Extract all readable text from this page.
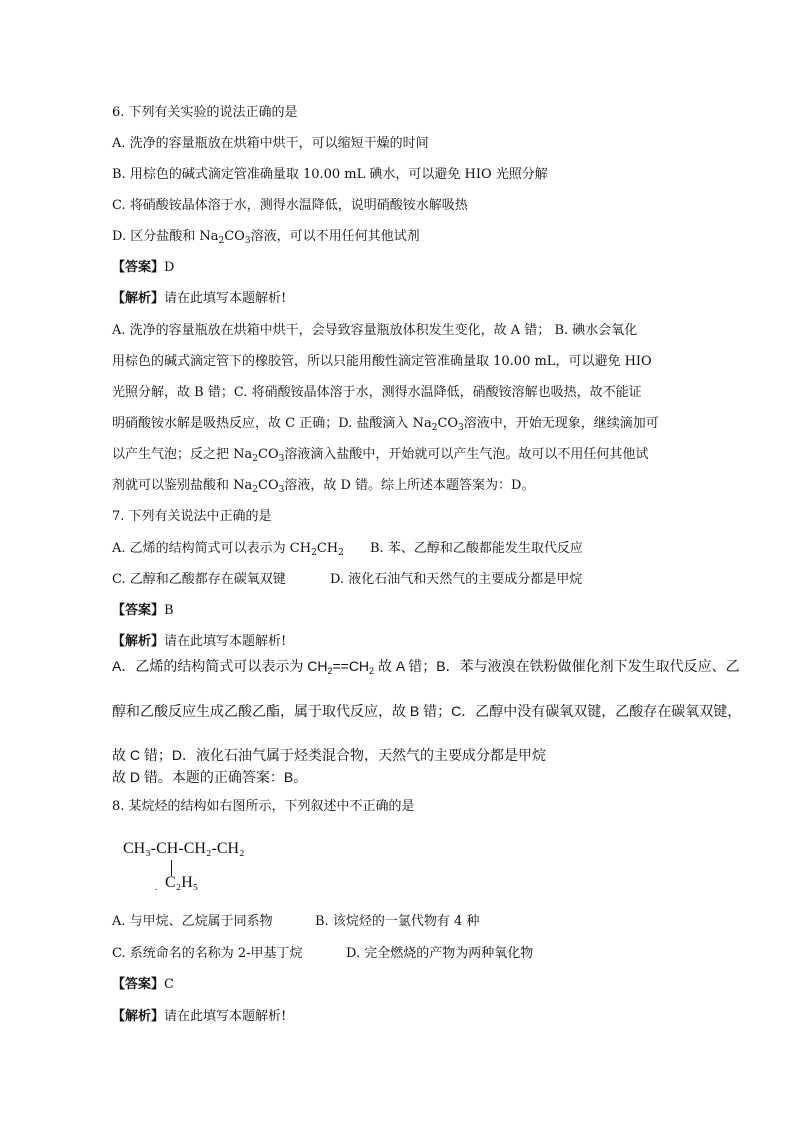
6. 下列有关实验的说法正确的是
A. 洗净的容量瓶放在烘箱中烘干，可以缩短干燥的时间
B. 用棕色的碱式滴定管准确量取 10.00 mL 碘水，可以避免 HIO 光照分解
C. 将硝酸铵晶体溶于水，测得水温降低，说明硝酸铵水解吸热
D. 区分盐酸和 $Na_2CO_3$溶液，可以不用任何其他试剂
【答案】D
【解析】请在此填写本题解析!
A. 洗净的容量瓶放在烘箱中烘干，会导致容量瓶放体积发生变化，故 A 错； B. 碘水会氧化
用棕色的碱式滴定管下的橡胶管，所以只能用酸性滴定管准确量取 10.00 mL，可以避免 HIO
光照分解，故 B 错；C. 将硝酸铵晶体溶于水，测得水温降低，硝酸铵溶解也吸热，故不能证
明硝酸铵水解是吸热反应，故 C 正确；D. 盐酸滴入 $Na_2CO_3$溶液中，开始无现象，继续滴加可
以产生气泡；反之把 $Na_2CO_3$溶液滴入盐酸中，开始就可以产生气泡。故可以不用任何其他试
剂就可以鉴别盐酸和 $Na_2CO_3$溶液，故 D 错。综上所述本题答案为：D。
7. 下列有关说法中正确的是
A. 乙烯的结构简式可以表示为 $CH_2CH_2$ B. 苯、乙醇和乙酸都能发生取代反应
C. 乙醇和乙酸都存在碳氧双键	D. 液化石油气和天然气的主要成分都是甲烷
【答案】B
【解析】请在此填写本题解析!
A．乙烯的结构简式可以表示为 $CH_2==CH_2$ 故 A 错；B．苯与液溴在铁粉做催化剂下发生取代反应、乙
醇和乙酸反应生成乙酸乙酯，属于取代反应，故 B 错；C．乙醇中没有碳氧双键，乙酸存在碳氧双键，
故 C 错；D．液化石油气属于烃类混合物，天然气的主要成分都是甲烷
故 D 错。本题的正确答案：B。
8. 某烷烃的结构如右图所示，下列叙述中不正确的是
CH₃-CH-CH₂-CH₂
. C₂H₅
A. 与甲烷、乙烷属于同系物	B. 该烷烃的一氯代物有 4 种
C. 系统命名的名称为 2-甲基丁烷	D. 完全燃烧的产物为两种氧化物
【答案】C
【解析】请在此填写本题解析!
